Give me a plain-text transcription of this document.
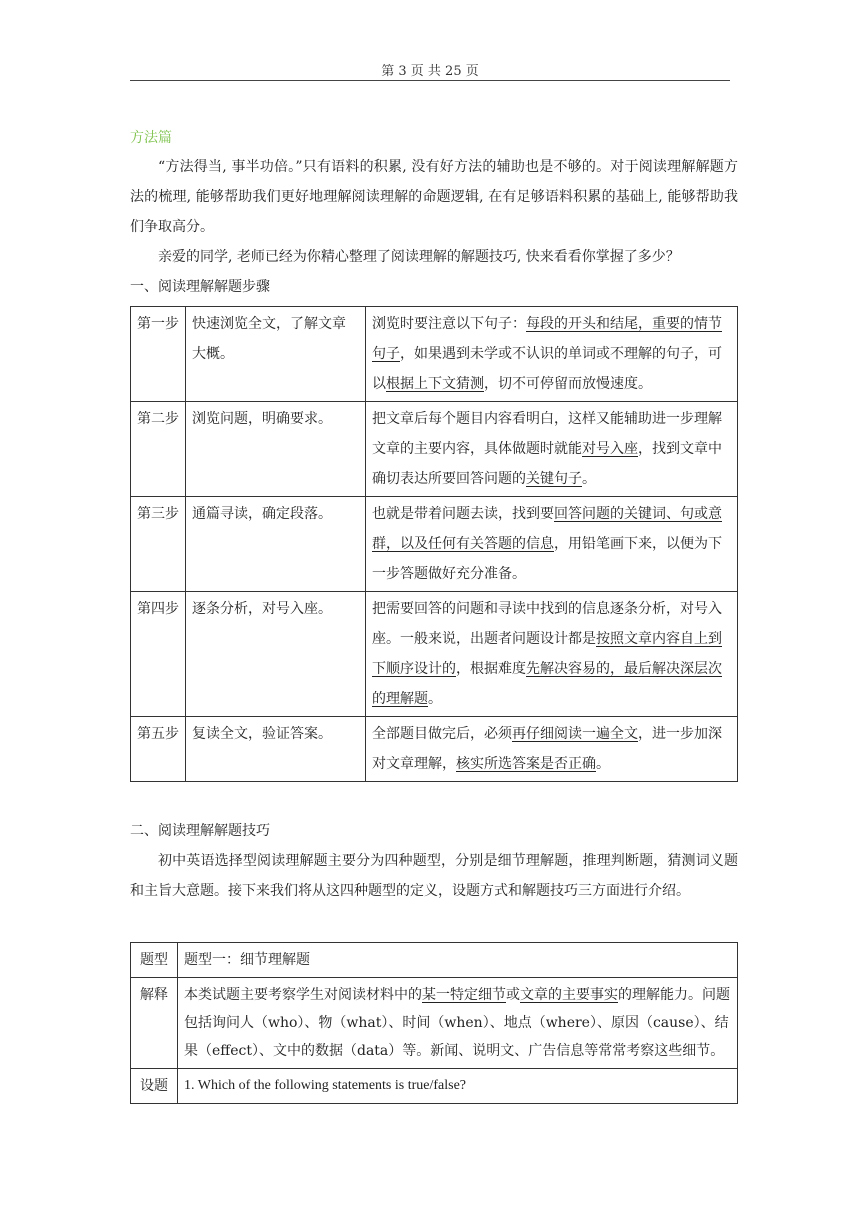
第 3 页 共 25 页
方法篇

“方法得当, 事半功倍。”只有语料的积累, 没有好方法的辅助也是不够的。对于阅读理解解题方法的梳理, 能够帮助我们更好地理解阅读理解的命题逻辑, 在有足够语料积累的基础上, 能够帮助我们争取高分。

亲爱的同学, 老师已经为你精心整理了阅读理解的解题技巧, 快来看看你掌握了多少？

一、阅读理解解题步骤

第一步	快速浏览全文，了解文章大概。	浏览时要注意以下句子：每段的开头和结尾，重要的情节句子，如果遇到未学或不认识的单词或不理解的句子，可以根据上下文猜测，切不可停留而放慢速度。
第二步	浏览问题，明确要求。	把文章后每个题目内容看明白，这样又能辅助进一步理解文章的主要内容，具体做题时就能对号入座，找到文章中确切表达所要回答问题的关键句子。
第三步	通篇寻读，确定段落。	也就是带着问题去读，找到要回答问题的关键词、句或意群，以及任何有关答题的信息，用铅笔画下来，以便为下一步答题做好充分准备。
第四步	逐条分析，对号入座。	把需要回答的问题和寻读中找到的信息逐条分析，对号入座。一般来说，出题者问题设计都是按照文章内容自上到下顺序设计的，根据难度先解决容易的，最后解决深层次的理解题。
第五步	复读全文，验证答案。	全部题目做完后，必须再仔细阅读一遍全文，进一步加深对文章理解，核实所选答案是否正确。

二、阅读理解解题技巧

初中英语选择型阅读理解题主要分为四种题型，分别是细节理解题，推理判断题，猜测词义题和主旨大意题。接下来我们将从这四种题型的定义，设题方式和解题技巧三方面进行介绍。

题型	题型一：细节理解题
解释	本类试题主要考察学生对阅读材料中的某一特定细节或文章的主要事实的理解能力。问题包括询问人（who）、物（what）、时间（when）、地点（where）、原因（cause）、结果（effect）、文中的数据（data）等。新闻、说明文、广告信息等常常考察这些细节。
设题	1. Which of the following statements is true/false?
